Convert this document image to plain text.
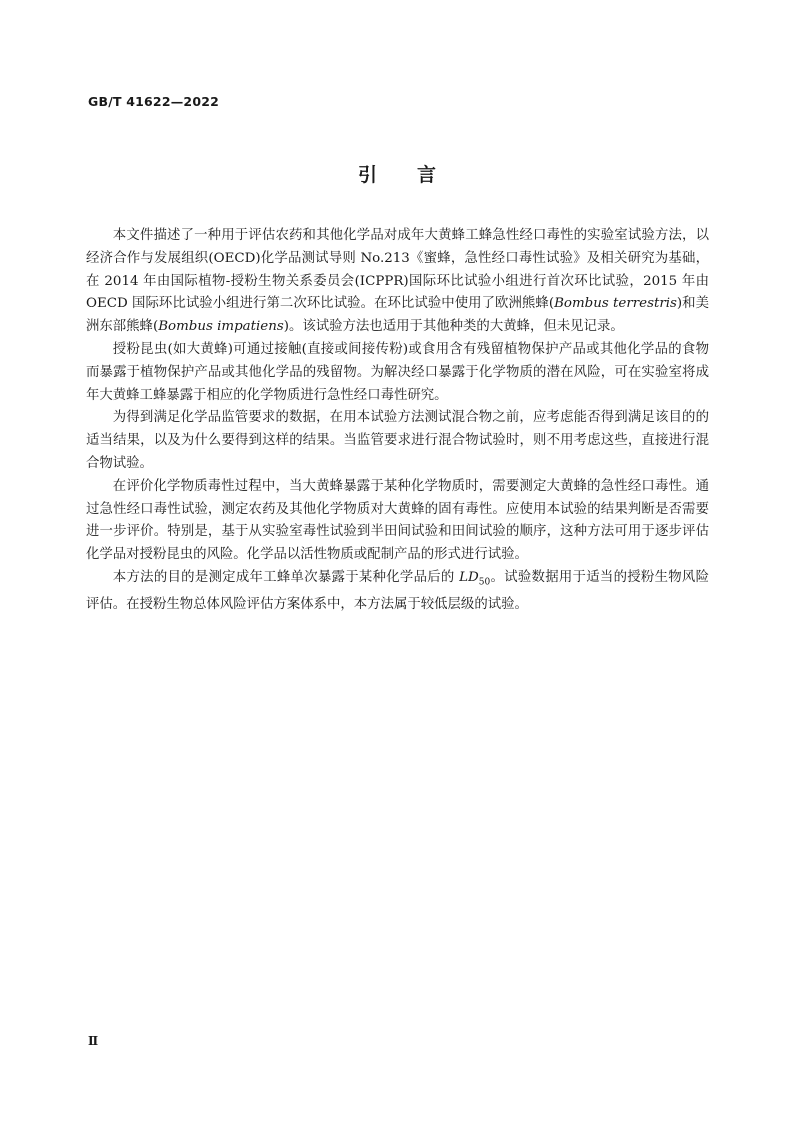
GB/T 41622—2022
引言

本文件描述了一种用于评估农药和其他化学品对成年大黄蜂工蜂急性经口毒性的实验室试验方法，以经济合作与发展组织(OECD)化学品测试导则 No.213《蜜蜂，急性经口毒性试验》及相关研究为基础，在 2014 年由国际植物-授粉生物关系委员会(ICPPR)国际环比试验小组进行首次环比试验，2015 年由 OECD 国际环比试验小组进行第二次环比试验。在环比试验中使用了欧洲熊蜂(Bombus terrestris)和美洲东部熊蜂(Bombus impatiens)。该试验方法也适用于其他种类的大黄蜂，但未见记录。

授粉昆虫(如大黄蜂)可通过接触(直接或间接传粉)或食用含有残留植物保护产品或其他化学品的食物而暴露于植物保护产品或其他化学品的残留物。为解决经口暴露于化学物质的潜在风险，可在实验室将成年大黄蜂工蜂暴露于相应的化学物质进行急性经口毒性研究。

为得到满足化学品监管要求的数据，在用本试验方法测试混合物之前，应考虑能否得到满足该目的的适当结果，以及为什么要得到这样的结果。当监管要求进行混合物试验时，则不用考虑这些，直接进行混合物试验。

在评价化学物质毒性过程中，当大黄蜂暴露于某种化学物质时，需要测定大黄蜂的急性经口毒性。通过急性经口毒性试验，测定农药及其他化学物质对大黄蜂的固有毒性。应使用本试验的结果判断是否需要进一步评价。特别是，基于从实验室毒性试验到半田间试验和田间试验的顺序，这种方法可用于逐步评估化学品对授粉昆虫的风险。化学品以活性物质或配制产品的形式进行试验。

本方法的目的是测定成年工蜂单次暴露于某种化学品后的 $LD_{50}$。试验数据用于适当的授粉生物风险评估。在授粉生物总体风险评估方案体系中，本方法属于较低层级的试验。

Ⅱ
